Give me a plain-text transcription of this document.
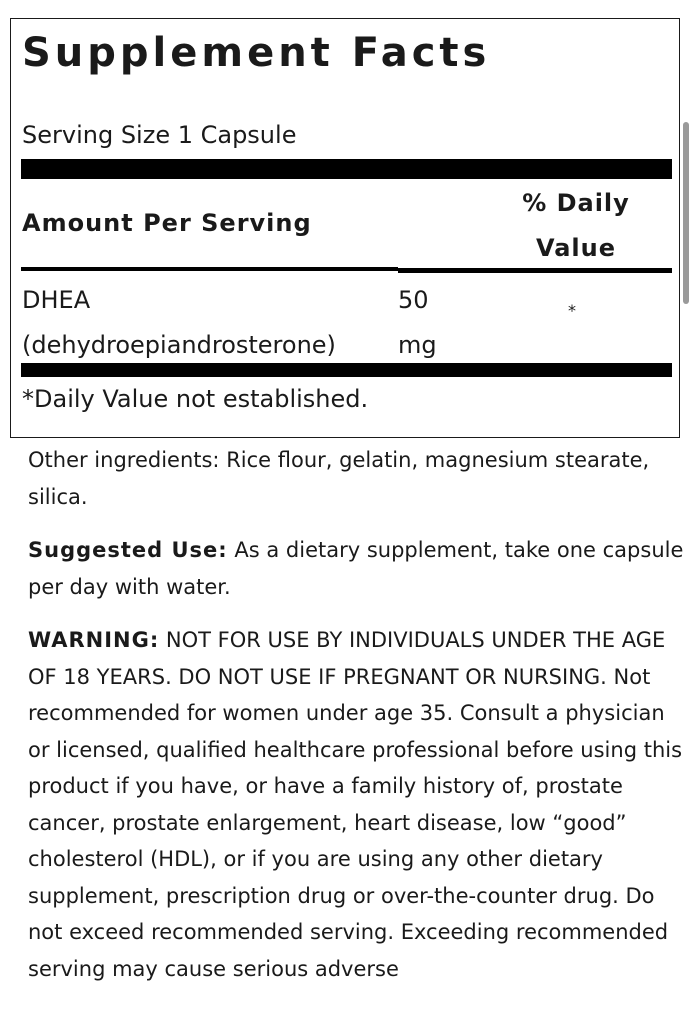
Supplement Facts
Serving Size 1 Capsule
Amount Per Serving
% Daily
Value
DHEA
(dehydroepiandrosterone)
50
mg
*
*Daily Value not established.

Other ingredients: Rice flour, gelatin, magnesium stearate, silica.

Suggested Use: As a dietary supplement, take one capsule per day with water.

WARNING: NOT FOR USE BY INDIVIDUALS UNDER THE AGE OF 18 YEARS. DO NOT USE IF PREGNANT OR NURSING. Not recommended for women under age 35. Consult a physician or licensed, qualified healthcare professional before using this product if you have, or have a family history of, prostate cancer, prostate enlargement, heart disease, low “good” cholesterol (HDL), or if you are using any other dietary supplement, prescription drug or over-the-counter drug. Do not exceed recommended serving. Exceeding recommended serving may cause serious adverse
